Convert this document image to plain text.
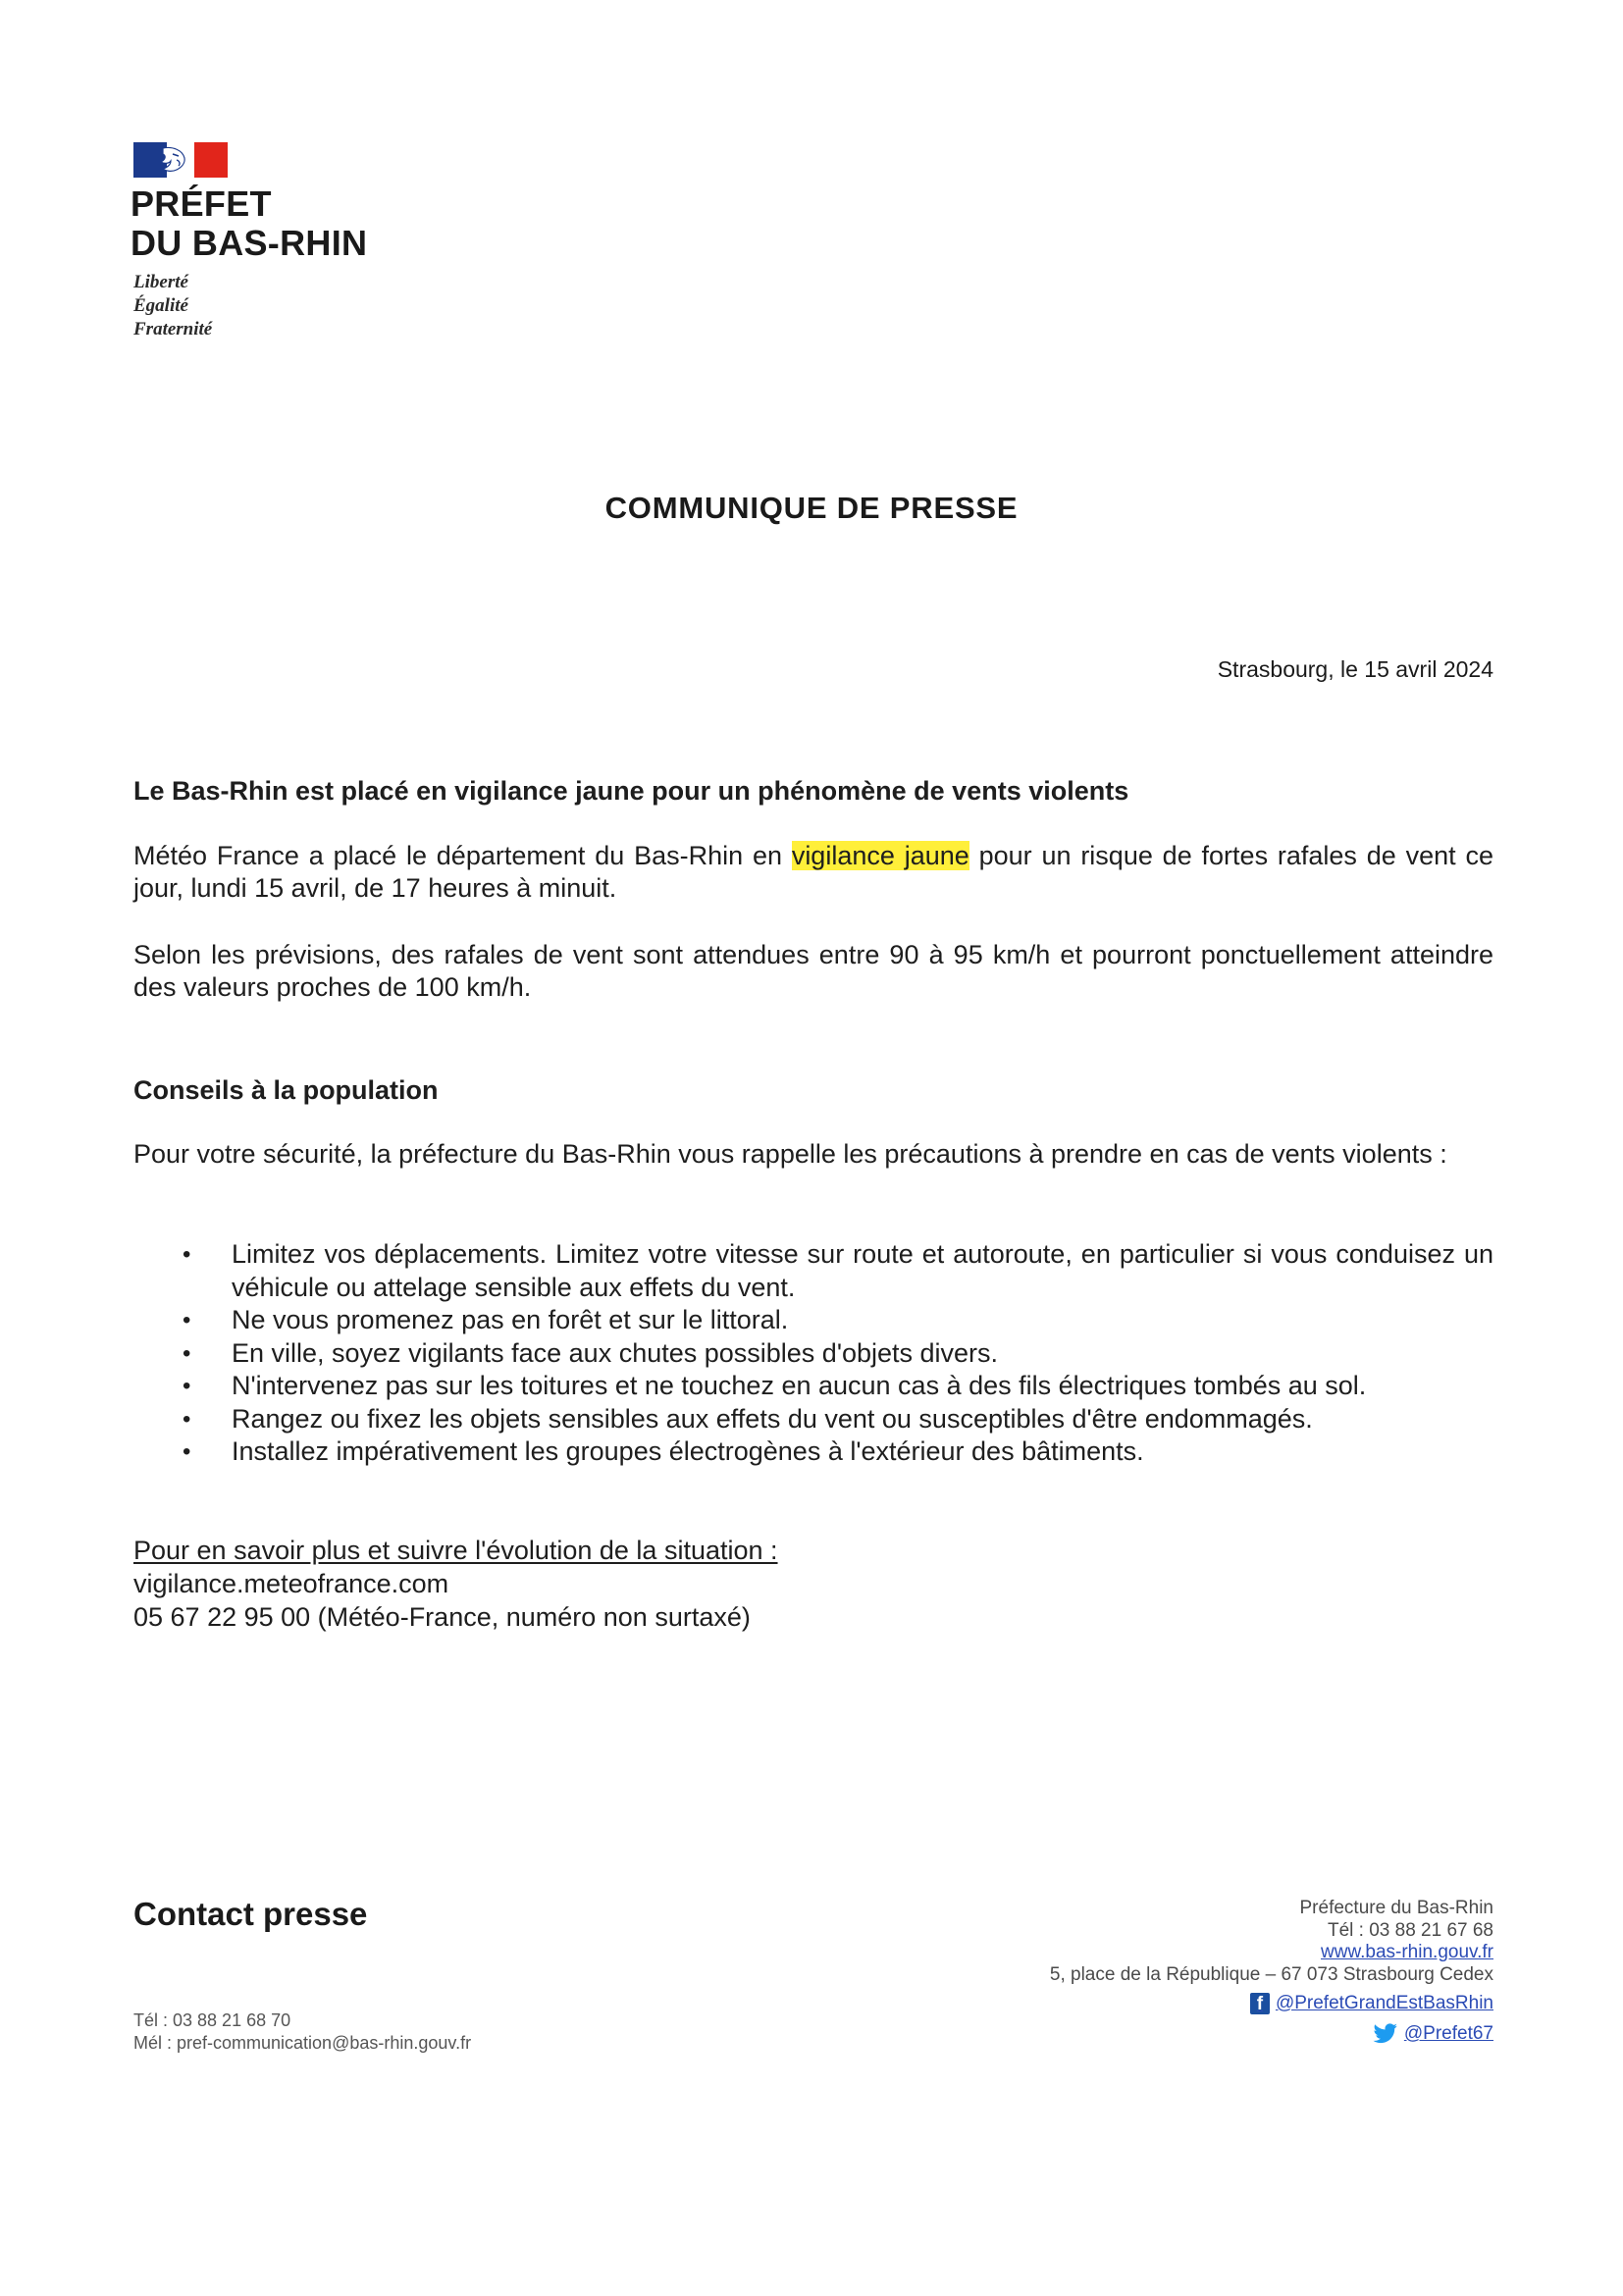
PRÉFET
DU BAS-RHIN
Liberté
Égalité
Fraternité
COMMUNIQUE DE PRESSE
Strasbourg, le 15 avril 2024
Le Bas-Rhin est placé en vigilance jaune pour un phénomène de vents violents
Météo France a placé le département du Bas-Rhin en vigilance jaune pour un risque de fortes rafales de vent ce jour, lundi 15 avril, de 17 heures à minuit.
Selon les prévisions, des rafales de vent sont attendues entre 90 à 95 km/h et pourront ponctuellement atteindre des valeurs proches de 100 km/h.
Conseils à la population
Pour votre sécurité, la préfecture du Bas-Rhin vous rappelle les précautions à prendre en cas de vents violents :
• Limitez vos déplacements. Limitez votre vitesse sur route et autoroute, en particulier si vous conduisez un véhicule ou attelage sensible aux effets du vent.
• Ne vous promenez pas en forêt et sur le littoral.
• En ville, soyez vigilants face aux chutes possibles d'objets divers.
• N'intervenez pas sur les toitures et ne touchez en aucun cas à des fils électriques tombés au sol.
• Rangez ou fixez les objets sensibles aux effets du vent ou susceptibles d'être endommagés.
• Installez impérativement les groupes électrogènes à l'extérieur des bâtiments.
Pour en savoir plus et suivre l'évolution de la situation :
vigilance.meteofrance.com
05 67 22 95 00 (Météo-France, numéro non surtaxé)
Contact presse
Tél : 03 88 21 68 70
Mél : pref-communication@bas-rhin.gouv.fr
Préfecture du Bas-Rhin
Tél : 03 88 21 67 68
www.bas-rhin.gouv.fr
5, place de la République – 67 073 Strasbourg Cedex
f @PrefetGrandEstBasRhin
@Prefet67
